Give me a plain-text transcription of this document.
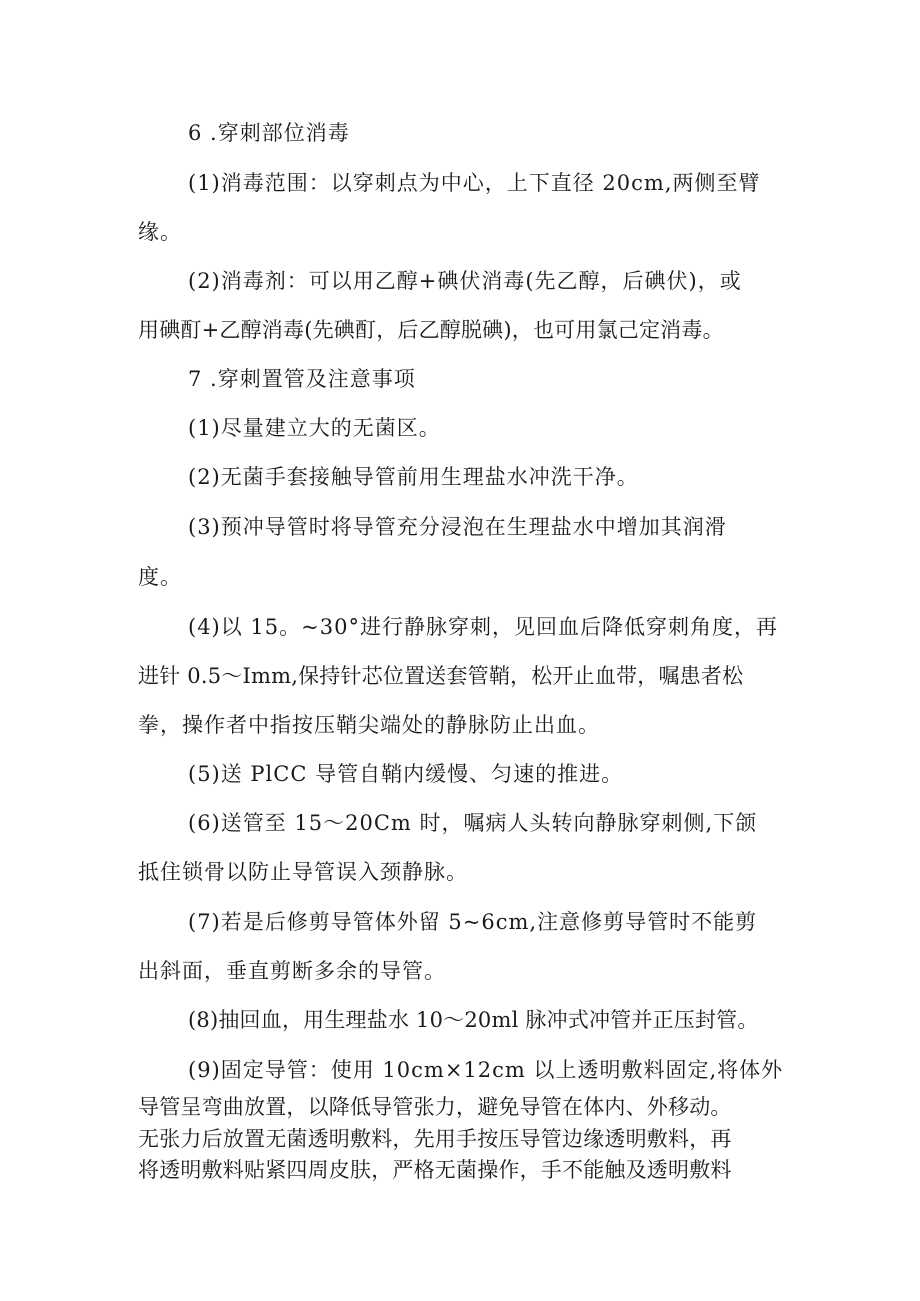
6 .穿刺部位消毒
(1)消毒范围：以穿刺点为中心，上下直径 20cm,两侧至臂
缘。
(2)消毒剂：可以用乙醇+碘伏消毒(先乙醇，后碘伏)，或
用碘酊+乙醇消毒(先碘酊，后乙醇脱碘)，也可用氯己定消毒。
7 .穿刺置管及注意事项
(1)尽量建立大的无菌区。
(2)无菌手套接触导管前用生理盐水冲洗干净。
(3)预冲导管时将导管充分浸泡在生理盐水中增加其润滑
度。
(4)以 15。~30°进行静脉穿刺，见回血后降低穿刺角度，再
进针 0.5～Imm,保持针芯位置送套管鞘，松开止血带，嘱患者松
拳，操作者中指按压鞘尖端处的静脉防止出血。
(5)送 PlCC 导管自鞘内缓慢、匀速的推进。
(6)送管至 15～20Cm 时，嘱病人头转向静脉穿刺侧,下颌
抵住锁骨以防止导管误入颈静脉。
(7)若是后修剪导管体外留 5~6cm,注意修剪导管时不能剪
出斜面，垂直剪断多余的导管。
(8)抽回血，用生理盐水 10～20ml 脉冲式冲管并正压封管。
(9)固定导管：使用 10cm×12cm 以上透明敷料固定,将体外
导管呈弯曲放置，以降低导管张力，避免导管在体内、外移动。
无张力后放置无菌透明敷料，先用手按压导管边缘透明敷料，再
将透明敷料贴紧四周皮肤，严格无菌操作，手不能触及透明敷料
